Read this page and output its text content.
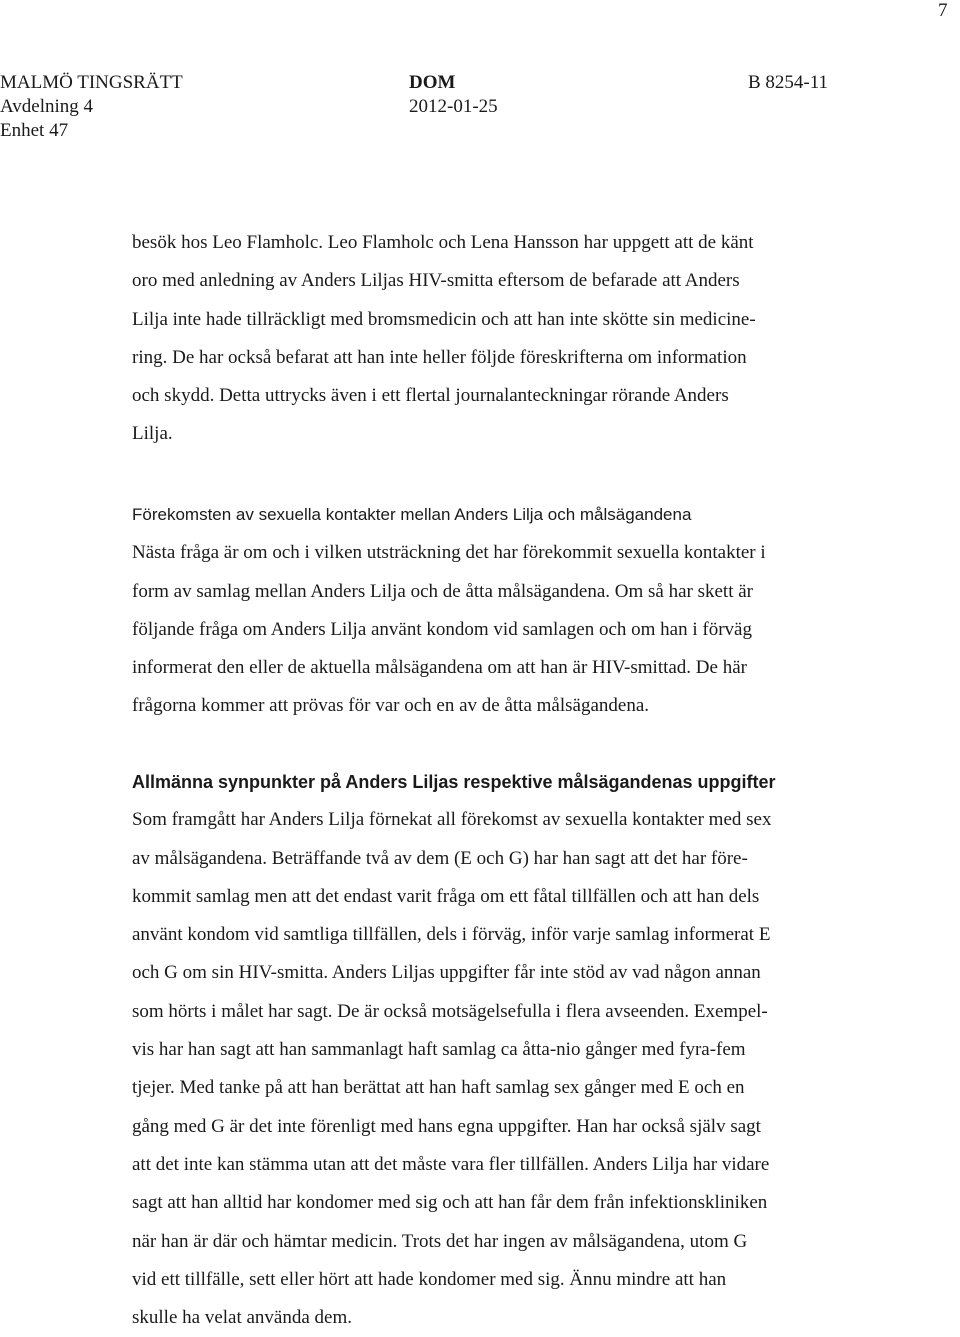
7
MALMÖ TINGSRÄTT
Avdelning 4
Enhet 47
DOM
2012-01-25
B 8254-11
besök hos Leo Flamholc. Leo Flamholc och Lena Hansson har uppgett att de känt
oro med anledning av Anders Liljas HIV-smitta eftersom de befarade att Anders
Lilja inte hade tillräckligt med bromsmedicin och att han inte skötte sin medicine-
ring. De har också befarat att han inte heller följde föreskrifterna om information
och skydd. Detta uttrycks även i ett flertal journalanteckningar rörande Anders
Lilja.
Förekomsten av sexuella kontakter mellan Anders Lilja och målsägandena
Nästa fråga är om och i vilken utsträckning det har förekommit sexuella kontakter i
form av samlag mellan Anders Lilja och de åtta målsägandena. Om så har skett är
följande fråga om Anders Lilja använt kondom vid samlagen och om han i förväg
informerat den eller de aktuella målsägandena om att han är HIV-smittad. De här
frågorna kommer att prövas för var och en av de åtta målsägandena.
Allmänna synpunkter på Anders Liljas respektive målsägandenas uppgifter
Som framgått har Anders Lilja förnekat all förekomst av sexuella kontakter med sex
av målsägandena. Beträffande två av dem (E och G) har han sagt att det har före-
kommit samlag men att det endast varit fråga om ett fåtal tillfällen och att han dels
använt kondom vid samtliga tillfällen, dels i förväg, inför varje samlag informerat E
och G om sin HIV-smitta. Anders Liljas uppgifter får inte stöd av vad någon annan
som hörts i målet har sagt. De är också motsägelsefulla i flera avseenden. Exempel-
vis har han sagt att han sammanlagt haft samlag ca åtta-nio gånger med fyra-fem
tjejer. Med tanke på att han berättat att han haft samlag sex gånger med E och en
gång med G är det inte förenligt med hans egna uppgifter. Han har också själv sagt
att det inte kan stämma utan att det måste vara fler tillfällen. Anders Lilja har vidare
sagt att han alltid har kondomer med sig och att han får dem från infektionskliniken
när han är där och hämtar medicin. Trots det har ingen av målsägandena, utom G
vid ett tillfälle, sett eller hört att hade kondomer med sig. Ännu mindre att han
skulle ha velat använda dem.
